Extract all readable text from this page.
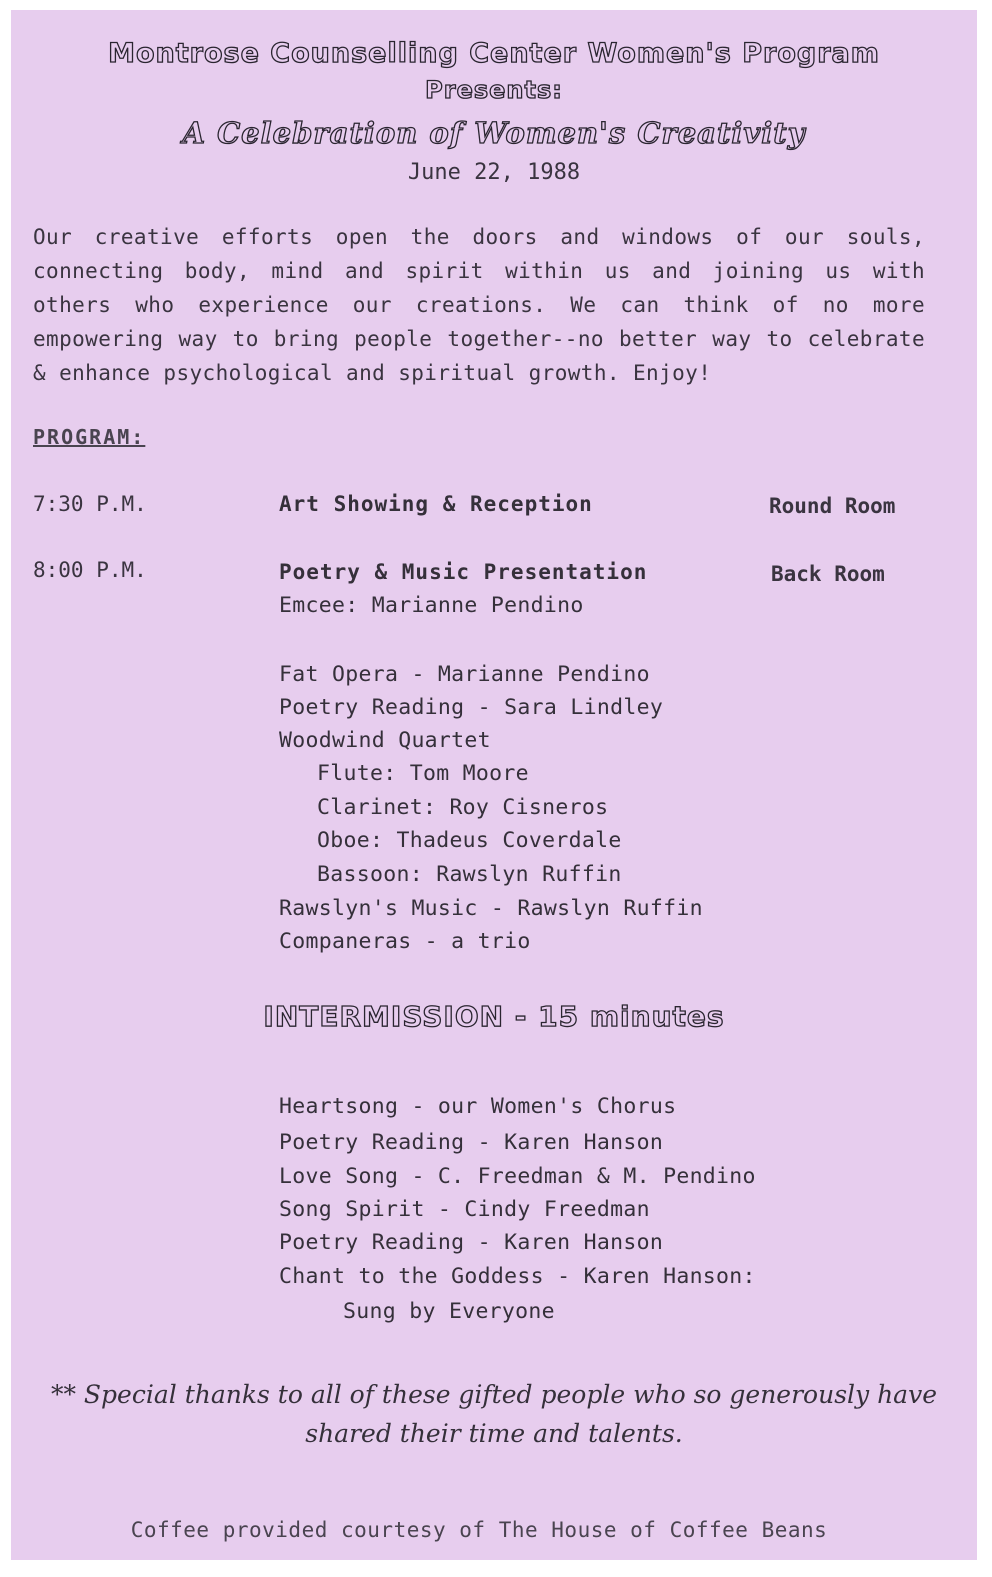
Montrose Counselling Center Women's Program
Presents:
A Celebration of Women's Creativity
June 22, 1988
Our creative efforts open the doors and windows of our souls, connecting body, mind and spirit within us and joining us with others who experience our creations. We can think of no more empowering way to bring people together--no better way to celebrate & enhance psychological and spiritual growth. Enjoy!
PROGRAM:
7:30 P.M.	Art Showing & Reception	Round Room
8:00 P.M.	Poetry & Music Presentation	Back Room
Emcee: Marianne Pendino
Fat Opera - Marianne Pendino
Poetry Reading - Sara Lindley
Woodwind Quartet
Flute: Tom Moore
Clarinet: Roy Cisneros
Oboe: Thadeus Coverdale
Bassoon: Rawslyn Ruffin
Rawslyn's Music - Rawslyn Ruffin
Companeras - a trio
INTERMISSION - 15 minutes
Heartsong - our Women's Chorus
Poetry Reading - Karen Hanson
Love Song - C. Freedman & M. Pendino
Song Spirit - Cindy Freedman
Poetry Reading - Karen Hanson
Chant to the Goddess - Karen Hanson:
Sung by Everyone
** Special thanks to all of these gifted people who so generously have shared their time and talents.
Coffee provided courtesy of The House of Coffee Beans
